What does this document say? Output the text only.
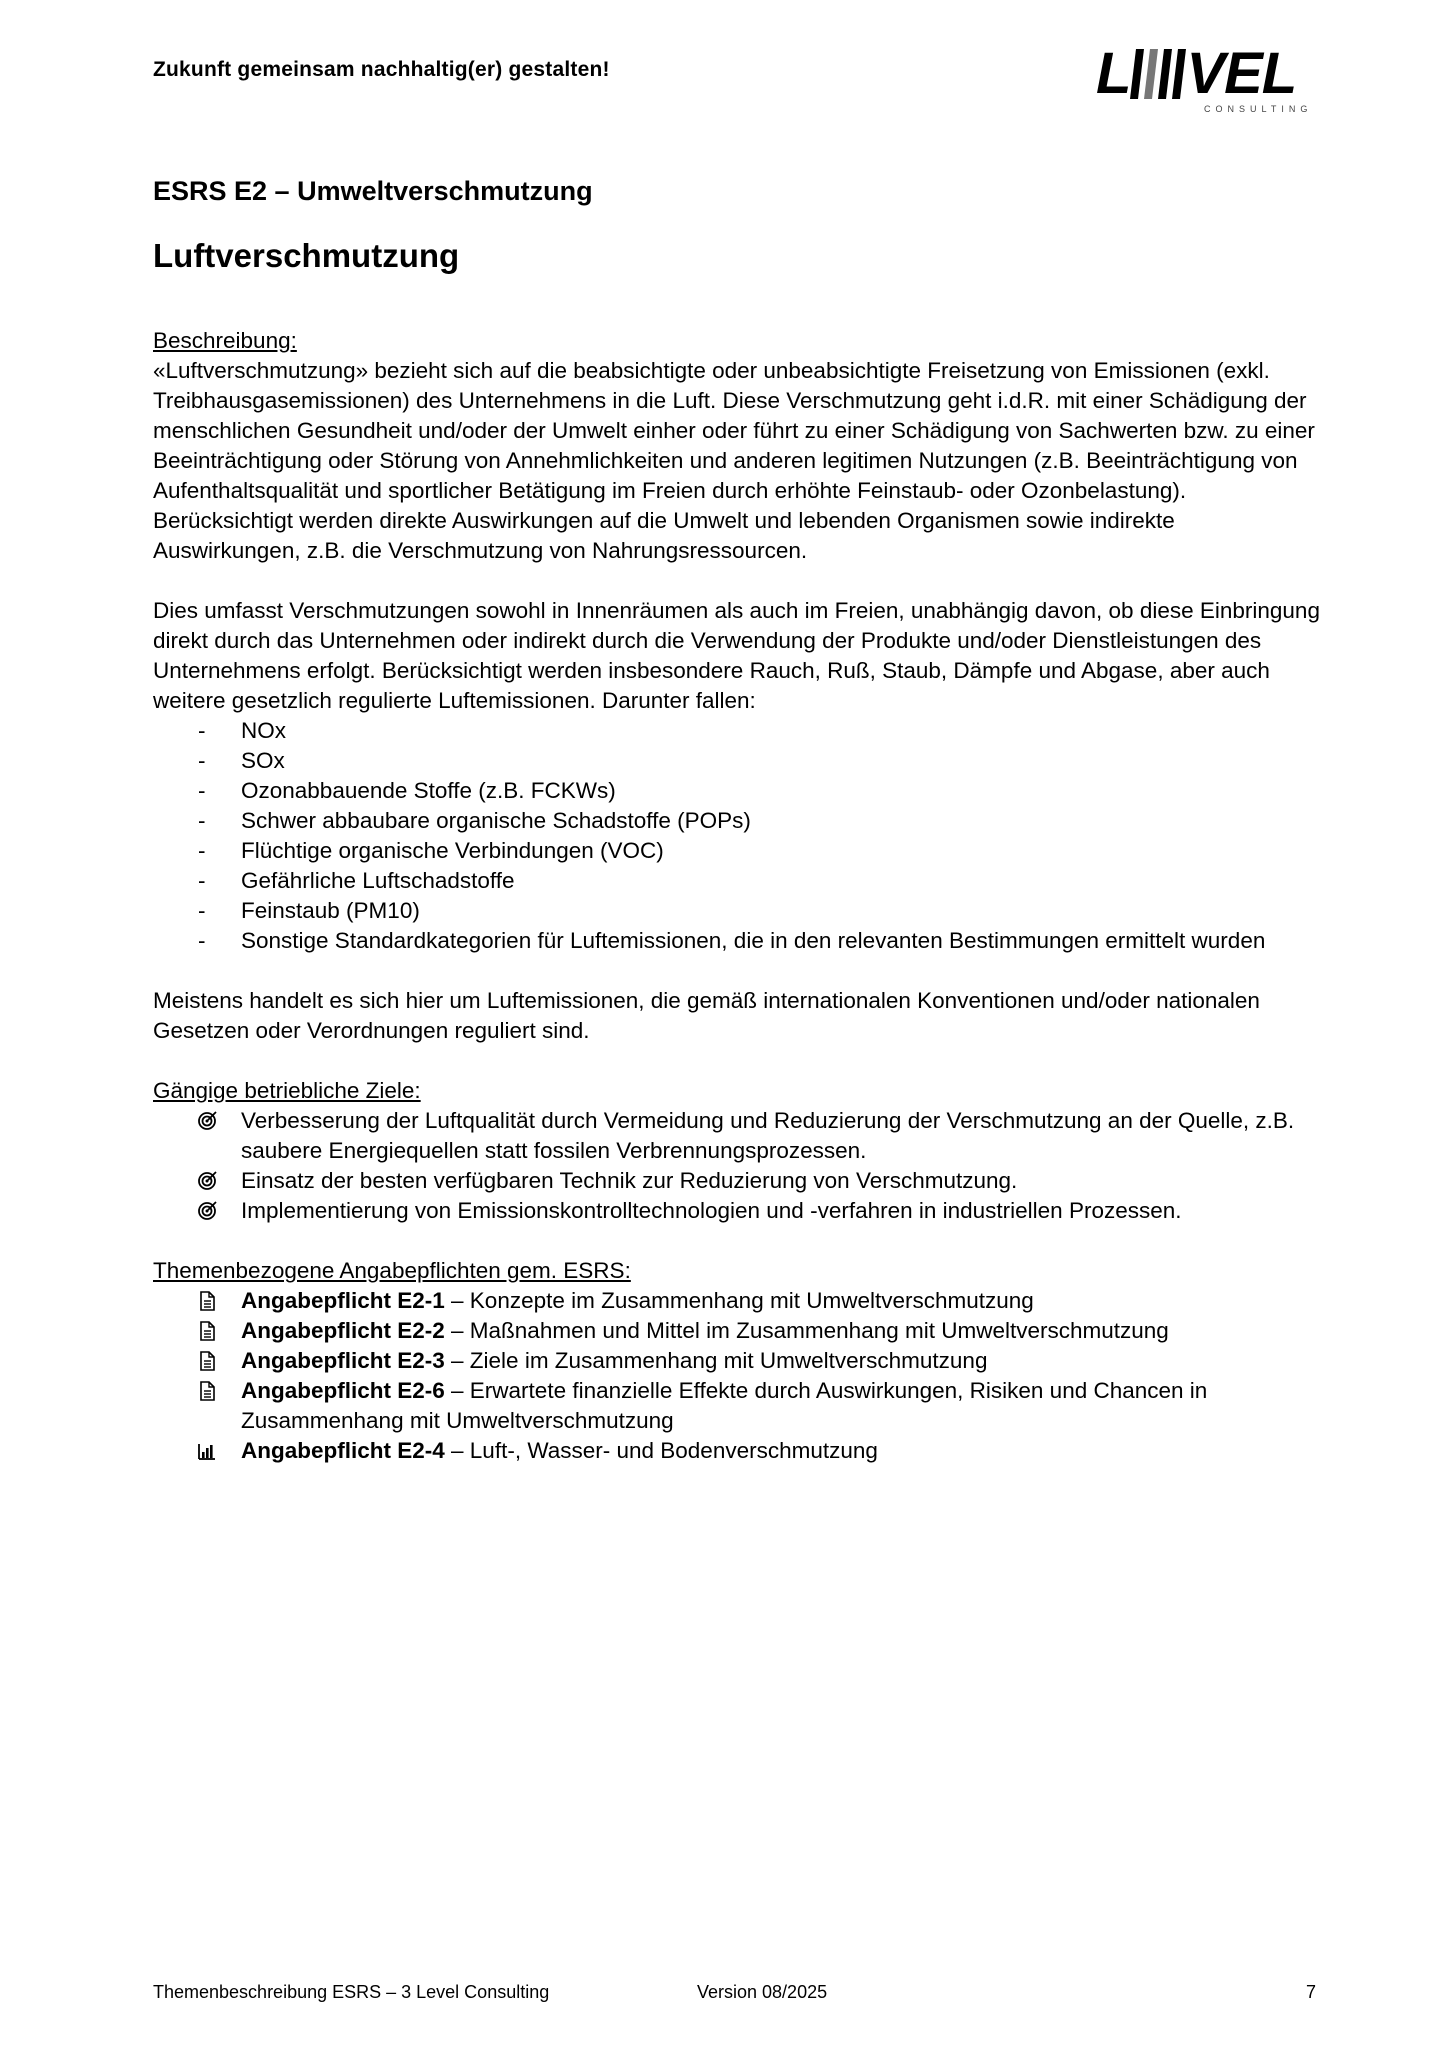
Zukunft gemeinsam nachhaltig(er) gestalten!	L VEL
CONSULTING
ESRS E2 – Umweltverschmutzung
Luftverschmutzung
Beschreibung:

«Luftverschmutzung» bezieht sich auf die beabsichtigte oder unbeabsichtigte Freisetzung von Emissionen (exkl. Treibhausgasemissionen) des Unternehmens in die Luft. Diese Verschmutzung geht i.d.R. mit einer Schädigung der menschlichen Gesundheit und/oder der Umwelt einher oder führt zu einer Schädigung von Sachwerten bzw. zu einer Beeinträchtigung oder Störung von Annehmlichkeiten und anderen legitimen Nutzungen (z.B. Beeinträchtigung von Aufenthaltsqualität und sportlicher Betätigung im Freien durch erhöhte Feinstaub- oder Ozonbelastung). Berücksichtigt werden direkte Auswirkungen auf die Umwelt und lebenden Organismen sowie indirekte Auswirkungen, z.B. die Verschmutzung von Nahrungsressourcen.

Dies umfasst Verschmutzungen sowohl in Innenräumen als auch im Freien, unabhängig davon, ob diese Einbringung direkt durch das Unternehmen oder indirekt durch die Verwendung der Produkte und/oder Dienstleistungen des Unternehmens erfolgt. Berücksichtigt werden insbesondere Rauch, Ruß, Staub, Dämpfe und Abgase, aber auch weitere gesetzlich regulierte Luftemissionen. Darunter fallen:

- NOx
- SOx
- Ozonabbauende Stoffe (z.B. FCKWs)
- Schwer abbaubare organische Schadstoffe (POPs)
- Flüchtige organische Verbindungen (VOC)
- Gefährliche Luftschadstoffe
- Feinstaub (PM10)
- Sonstige Standardkategorien für Luftemissionen, die in den relevanten Bestimmungen ermittelt wurden

Meistens handelt es sich hier um Luftemissionen, die gemäß internationalen Konventionen und/oder nationalen Gesetzen oder Verordnungen reguliert sind.

Gängige betriebliche Ziele:
Verbesserung der Luftqualität durch Vermeidung und Reduzierung der Verschmutzung an der Quelle, z.B. saubere Energiequellen statt fossilen Verbrennungsprozessen.
Einsatz der besten verfügbaren Technik zur Reduzierung von Verschmutzung.
Implementierung von Emissionskontrolltechnologien und -verfahren in industriellen Prozessen.
Themenbezogene Angabepflichten gem. ESRS:
Angabepflicht E2-1 – Konzepte im Zusammenhang mit Umweltverschmutzung
Angabepflicht E2-2 – Maßnahmen und Mittel im Zusammenhang mit Umweltverschmutzung
Angabepflicht E2-3 – Ziele im Zusammenhang mit Umweltverschmutzung
Angabepflicht E2-6 – Erwartete finanzielle Effekte durch Auswirkungen, Risiken und Chancen in Zusammenhang mit Umweltverschmutzung
Angabepflicht E2-4 – Luft-, Wasser- und Bodenverschmutzung
Themenbeschreibung ESRS – 3 Level Consulting	Version 08/2025	7
